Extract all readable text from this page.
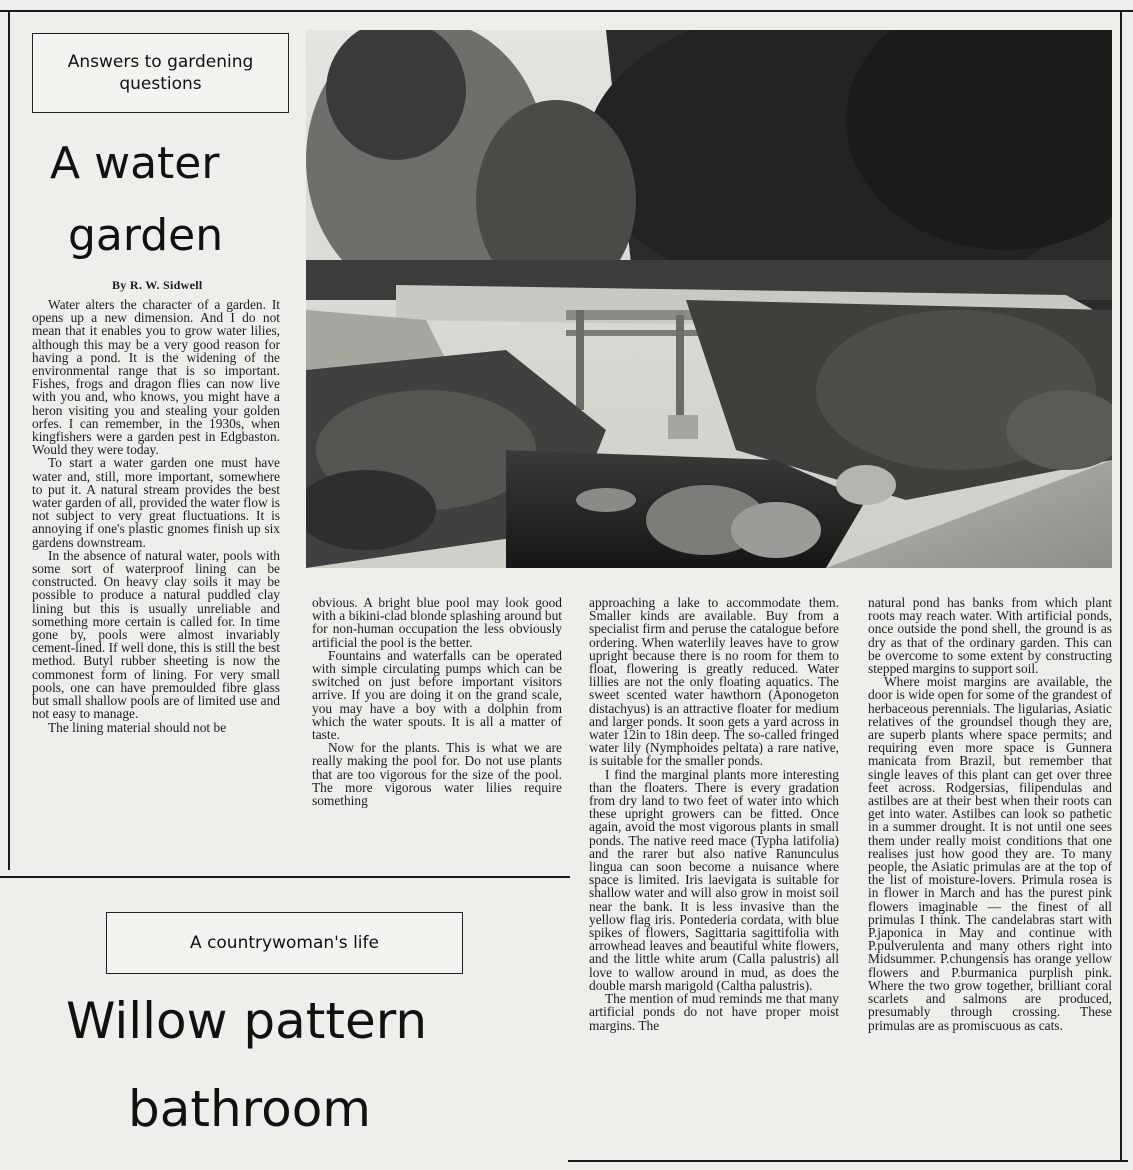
Answers to gardening questions
A water
garden
By R. W. Sidwell

Water alters the character of a garden. It opens up a new dimension. And I do not mean that it enables you to grow water lilies, although this may be a very good reason for having a pond. It is the widening of the environmental range that is so important. Fishes, frogs and dragon flies can now live with you and, who knows, you might have a heron visiting you and stealing your golden orfes. I can remember, in the 1930s, when kingfishers were a garden pest in Edgbaston. Would they were today.

To start a water garden one must have water and, still, more important, somewhere to put it. A natural stream provides the best water garden of all, provided the water flow is not subject to very great fluctuations. It is annoying if one's plastic gnomes finish up six gardens downstream.

In the absence of natural water, pools with some sort of waterproof lining can be constructed. On heavy clay soils it may be possible to produce a natural puddled clay lining but this is usually unreliable and something more certain is called for. In time gone by, pools were almost invariably cement-lined. If well done, this is still the best method. Butyl rubber sheeting is now the commonest form of lining. For very small pools, one can have premoulded fibre glass but small shallow pools are of limited use and not easy to manage.

The lining material should not be

obvious. A bright blue pool may look good with a bikini-clad blonde splashing around but for non-human occupation the less obviously artificial the pool is the better.

Fountains and waterfalls can be operated with simple circulating pumps which can be switched on just before important visitors arrive. If you are doing it on the grand scale, you may have a boy with a dolphin from which the water spouts. It is all a matter of taste.

Now for the plants. This is what we are really making the pool for. Do not use plants that are too vigorous for the size of the pool. The more vigorous water lilies require something

approaching a lake to accommodate them. Smaller kinds are available. Buy from a specialist firm and peruse the catalogue before ordering. When waterlily leaves have to grow upright because there is no room for them to float, flowering is greatly reduced. Water lillies are not the only floating aquatics. The sweet scented water hawthorn (Aponogeton distachyus) is an attractive floater for medium and larger ponds. It soon gets a yard across in water 12in to 18in deep. The so-called fringed water lily (Nymphoides peltata) a rare native, is suitable for the smaller ponds.

I find the marginal plants more interesting than the floaters. There is every gradation from dry land to two feet of water into which these upright growers can be fitted. Once again, avoid the most vigorous plants in small ponds. The native reed mace (Typha latifolia) and the rarer but also native Ranunculus lingua can soon become a nuisance where space is limited. Iris laevigata is suitable for shallow water and will also grow in moist soil near the bank. It is less invasive than the yellow flag iris. Pontederia cordata, with blue spikes of flowers, Sagittaria sagittifolia with arrowhead leaves and beautiful white flowers, and the little white arum (Calla palustris) all love to wallow around in mud, as does the double marsh marigold (Caltha palustris).

The mention of mud reminds me that many artificial ponds do not have proper moist margins. The

natural pond has banks from which plant roots may reach water. With artificial ponds, once outside the pond shell, the ground is as dry as that of the ordinary garden. This can be overcome to some extent by constructing stepped margins to support soil.

Where moist margins are available, the door is wide open for some of the grandest of herbaceous perennials. The ligularias, Asiatic relatives of the groundsel though they are, are superb plants where space permits; and requiring even more space is Gunnera manicata from Brazil, but remember that single leaves of this plant can get over three feet across. Rodgersias, filipendulas and astilbes are at their best when their roots can get into water. Astilbes can look so pathetic in a summer drought. It is not until one sees them under really moist conditions that one realises just how good they are. To many people, the Asiatic primulas are at the top of the list of moisture-lovers. Primula rosea is in flower in March and has the purest pink flowers imaginable — the finest of all primulas I think. The candelabras start with P.japonica in May and continue with P.pulverulenta and many others right into Midsummer. P.chungensis has orange yellow flowers and P.burmanica purplish pink. Where the two grow together, brilliant coral scarlets and salmons are produced, presumably through crossing. These primulas are as promiscuous as cats.

A countrywoman's life
Willow pattern
bathroom
